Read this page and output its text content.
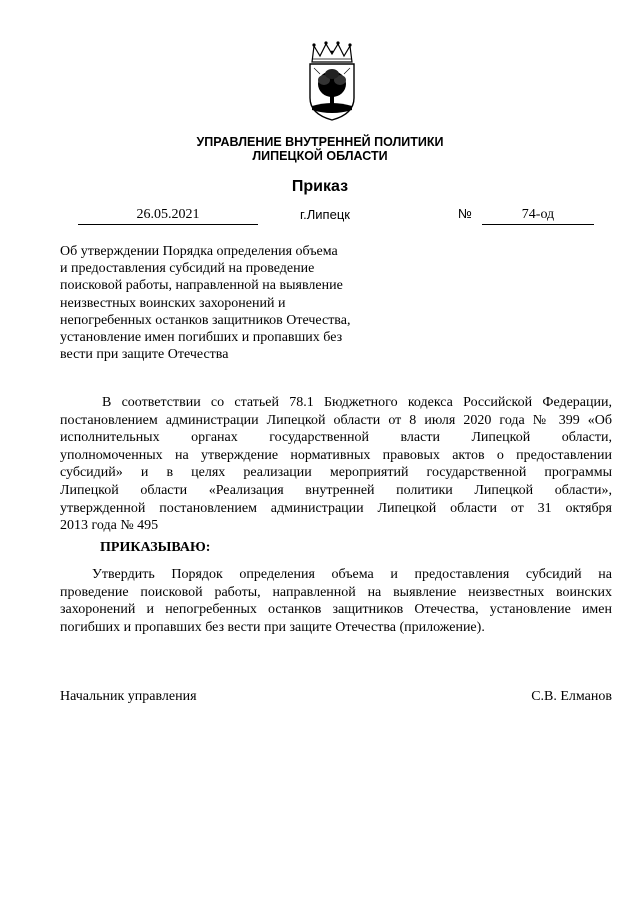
УПРАВЛЕНИЕ ВНУТРЕННЕЙ ПОЛИТИКИ
ЛИПЕЦКОЙ ОБЛАСТИ
Приказ
26.05.2021	г.Липецк	№	74-од
Об утверждении Порядка определения объема
и предоставления субсидий на проведение
поисковой работы, направленной на выявление
неизвестных воинских захоронений и
непогребенных останков защитников Отечества,
установление имен погибших и пропавших без
вести при защите Отечества
В соответствии со статьей 78.1 Бюджетного кодекса Российской Федерации,
постановлением администрации Липецкой области от 8 июля 2020 года № 399 «Об
исполнительных органах государственной власти Липецкой области,
уполномоченных на утверждение нормативных правовых актов о предоставлении
субсидий» и в целях реализации мероприятий государственной программы
Липецкой области «Реализация внутренней политики Липецкой области»,
утвержденной постановлением администрации Липецкой области от 31 октября
2013 года № 495
ПРИКАЗЫВАЮ:
Утвердить Порядок определения объема и предоставления субсидий на
проведение поисковой работы, направленной на выявление неизвестных воинских
захоронений и непогребенных останков защитников Отечества, установление имен
погибших и пропавших без вести при защите Отечества (приложение).
Начальник управления	С.В. Елманов
